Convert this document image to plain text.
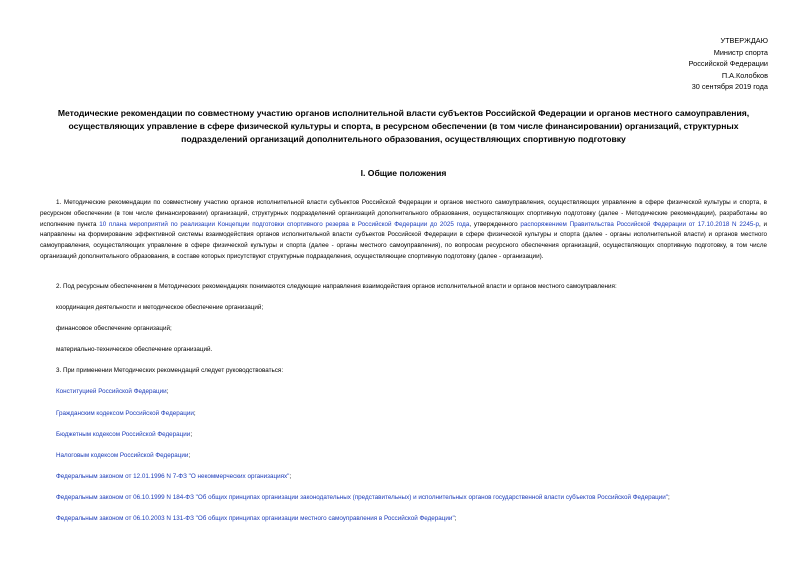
УТВЕРЖДАЮ
Министр спорта
Российской Федерации
П.А.Колобков
30 сентября 2019 года
Методические рекомендации по совместному участию органов исполнительной власти субъектов Российской Федерации и органов местного самоуправления, осуществляющих управление в сфере физической культуры и спорта, в ресурсном обеспечении (в том числе финансировании) организаций, структурных подразделений организаций дополнительного образования, осуществляющих спортивную подготовку
I. Общие положения
1. Методические рекомендации по совместному участию органов исполнительной власти субъектов Российской Федерации и органов местного самоуправления, осуществляющих управление в сфере физической культуры и спорта, в ресурсном обеспечении (в том числе финансировании) организаций, структурных подразделений организаций дополнительного образования, осуществляющих спортивную подготовку (далее - Методические рекомендации), разработаны во исполнение пункта 10 плана мероприятий по реализации Концепции подготовки спортивного резерва в Российской Федерации до 2025 года, утвержденного распоряжением Правительства Российской Федерации от 17.10.2018 N 2245-р, и направлены на формирование эффективной системы взаимодействия органов исполнительной власти субъектов Российской Федерации в сфере физической культуры и спорта (далее - органы исполнительной власти) и органов местного самоуправления, осуществляющих управление в сфере физической культуры и спорта (далее - органы местного самоуправления), по вопросам ресурсного обеспечения организаций, осуществляющих спортивную подготовку, в том числе организаций дополнительного образования, в составе которых присутствуют структурные подразделения, осуществляющие спортивную подготовку (далее - организации).
2. Под ресурсным обеспечением в Методических рекомендациях понимаются следующие направления взаимодействия органов исполнительной власти и органов местного самоуправления:
координация деятельности и методическое обеспечение организаций;
финансовое обеспечение организаций;
материально-техническое обеспечение организаций.
3. При применении Методических рекомендаций следует руководствоваться:
Конституцией Российской Федерации;
Гражданским кодексом Российской Федерации;
Бюджетным кодексом Российской Федерации;
Налоговым кодексом Российской Федерации;
Федеральным законом от 12.01.1996 N 7-ФЗ "О некоммерческих организациях";
Федеральным законом от 06.10.1999 N 184-ФЗ "Об общих принципах организации законодательных (представительных) и исполнительных органов государственной власти субъектов Российской Федерации";
Федеральным законом от 06.10.2003 N 131-ФЗ "Об общих принципах организации местного самоуправления в Российской Федерации";
